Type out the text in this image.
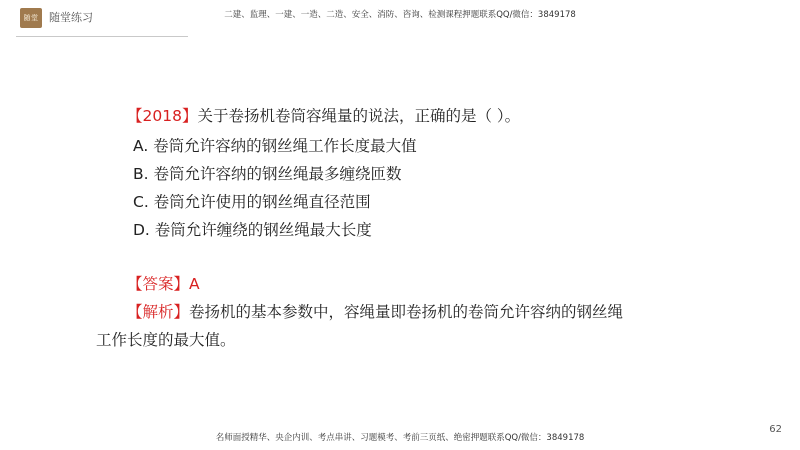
随堂 随堂练习	二建、监理、一建、一造、二造、安全、消防、咨询、检测课程押题联系QQ/微信：3849178
【2018】关于卷扬机卷筒容绳量的说法，正确的是（ ）。
A. 卷筒允许容纳的钢丝绳工作长度最大值
B. 卷筒允许容纳的钢丝绳最多缠绕匝数
C. 卷筒允许使用的钢丝绳直径范围
D. 卷筒允许缠绕的钢丝绳最大长度
【答案】A
【解析】卷扬机的基本参数中，容绳量即卷扬机的卷筒允许容纳的钢丝绳
工作长度的最大值。
名师面授精华、央企内训、考点串讲、习题模考、考前三页纸、绝密押题联系QQ/微信：3849178
62
